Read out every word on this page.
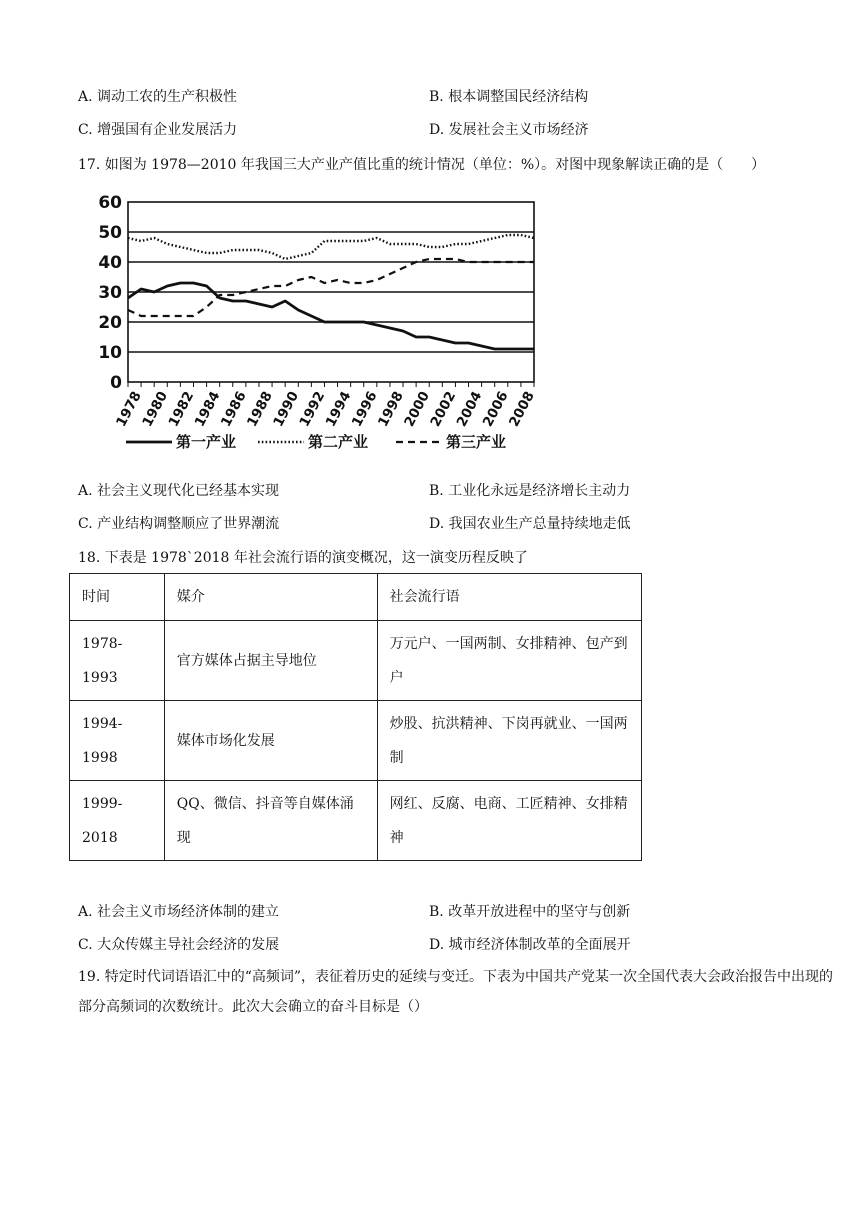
A. 调动工农的生产积极性	B. 根本调整国民经济结构
C. 增强国有企业发展活力	D. 发展社会主义市场经济
17. 如图为 1978—2010 年我国三大产业产值比重的统计情况（单位：%）。对图中现象解读正确的是（　　）
0
10
20
30
40
50
60
1978
1980
1982
1984
1986
1988
1990
1992
1994
1996
1998
2000
2002
2004
2006
2008
第一产业	第二产业	第三产业
A. 社会主义现代化已经基本实现	B. 工业化永远是经济增长主动力
C. 产业结构调整顺应了世界潮流	D. 我国农业生产总量持续地走低
18. 下表是 1978`2018 年社会流行语的演变概况，这一演变历程反映了
时间	媒介	社会流行语
1978-1993	官方媒体占据主导地位	万元户、一国两制、女排精神、包产到户
1994-1998	媒体市场化发展	炒股、抗洪精神、下岗再就业、一国两制
1999-2018	QQ、微信、抖音等自媒体涌现	网红、反腐、电商、工匠精神、女排精神
A. 社会主义市场经济体制的建立	B. 改革开放进程中的坚守与创新
C. 大众传媒主导社会经济的发展	D. 城市经济体制改革的全面展开
19. 特定时代词语语汇中的“高频词”，表征着历史的延续与变迁。下表为中国共产党某一次全国代表大会政治报告中出现的部分高频词的次数统计。此次大会确立的奋斗目标是（）
